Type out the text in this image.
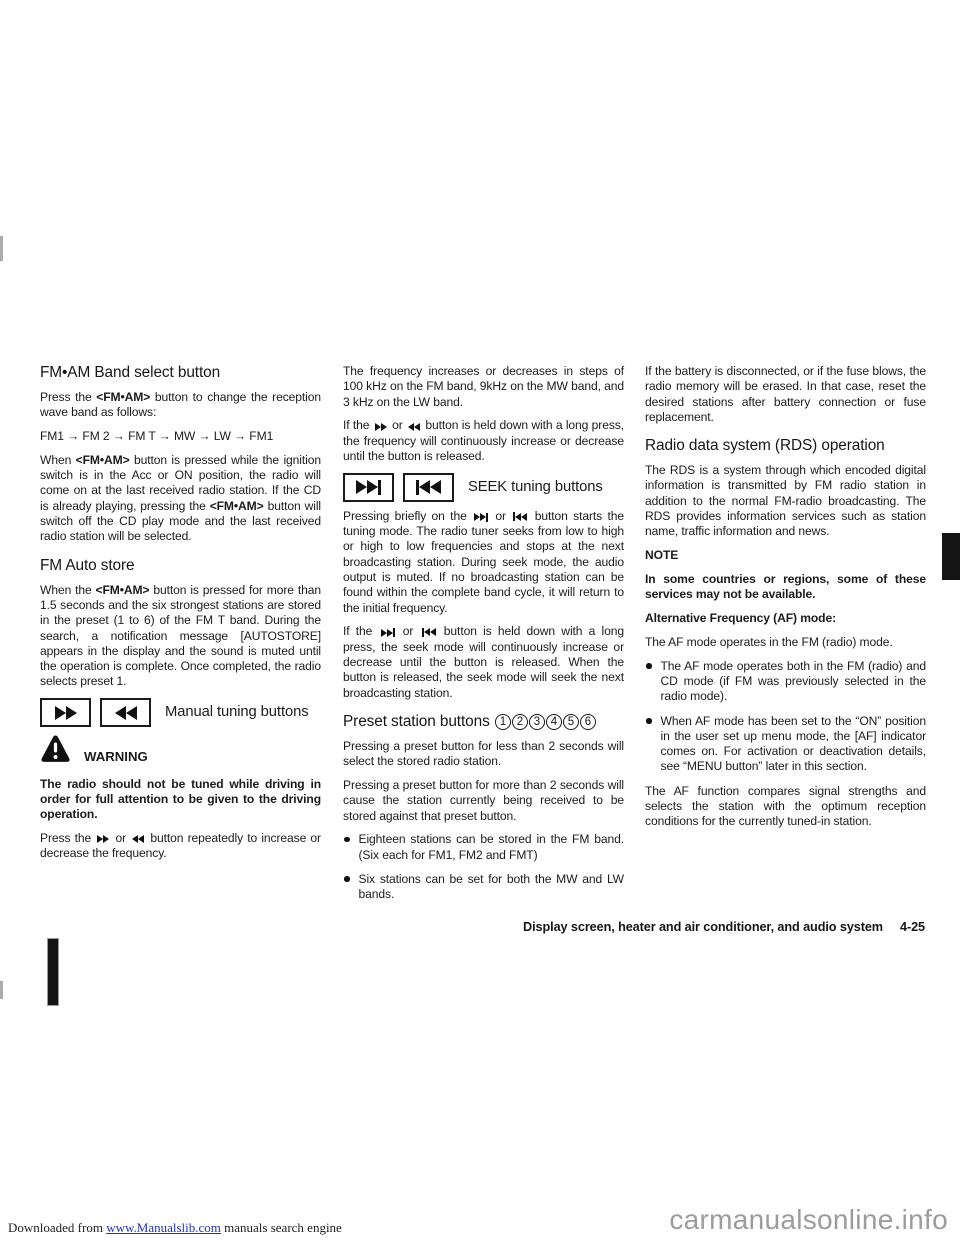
FM•AM Band select button

Press the <FM•AM> button to change the reception wave band as follows:

FM1 → FM 2 → FM T → MW → LW → FM1

When <FM•AM> button is pressed while the ignition switch is in the Acc or ON position, the radio will come on at the last received radio station. If the CD is already playing, pressing the <FM•AM> button will switch off the CD play mode and the last received radio station will be selected.

FM Auto store

When the <FM•AM> button is pressed for more than 1.5 seconds and the six strongest stations are stored in the preset (1 to 6) of the FM T band. During the search, a notification message [AUTOSTORE] appears in the display and the sound is muted until the operation is complete. Once completed, the radio selects preset 1.

Manual tuning buttons
WARNING

The radio should not be tuned while driving in order for full attention to be given to the driving operation.

Press the
or
button repeatedly to increase or decrease the frequency.

The frequency increases or decreases in steps of 100 kHz on the FM band, 9kHz on the MW band, and 3 kHz on the LW band.

If the
or
button is held down with a long press, the frequency will continuously increase or decrease until the button is released.

SEEK tuning buttons

Pressing briefly on the
or
button starts the tuning mode. The radio tuner seeks from low to high or high to low frequencies and stops at the next broadcasting station. During seek mode, the audio output is muted. If no broadcasting station can be found within the complete band cycle, it will return to the initial frequency.

If the
or
button is held down with a long press, the seek mode will continuously increase or decrease until the button is released. When the button is released, the seek mode will seek the next broadcasting station.

Preset station buttons 1 2 3 4 5 6

Pressing a preset button for less than 2 seconds will select the stored radio station.

Pressing a preset button for more than 2 seconds will cause the station currently being received to be stored against that preset button.

Eighteen stations can be stored in the FM band. (Six each for FM1, FM2 and FMT)

Six stations can be set for both the MW and LW bands.

If the battery is disconnected, or if the fuse blows, the radio memory will be erased. In that case, reset the desired stations after battery connection or fuse replacement.

Radio data system (RDS) operation

The RDS is a system through which encoded digital information is transmitted by FM radio station in addition to the normal FM-radio broadcasting. The RDS provides information services such as station name, traffic information and news.

NOTE

In some countries or regions, some of these services may not be available.

Alternative Frequency (AF) mode:

The AF mode operates in the FM (radio) mode.

The AF mode operates both in the FM (radio) and CD mode (if FM was previously selected in the radio mode).

When AF mode has been set to the “ON” position in the user set up menu mode, the [AF] indicator comes on. For activation or deactivation details, see “MENU button” later in this section.

The AF function compares signal strengths and selects the station with the optimum reception conditions for the currently tuned-in station.

Display screen, heater and air conditioner, and audio system 4-25
Downloaded from www.Manualslib.com manuals search engine	carmanualsonline.info
